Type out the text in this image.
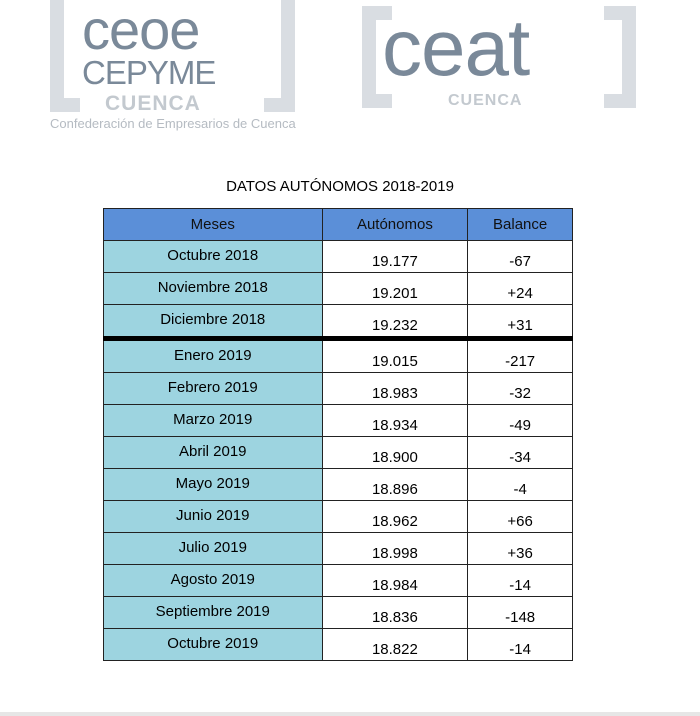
ceoe
CEPYME
CUENCA
Confederación de Empresarios de Cuenca
ceat
CUENCA
DATOS AUTÓNOMOS 2018-2019
Meses	Autónomos	Balance
Octubre 2018	19.177	-67
Noviembre 2018	19.201	+24
Diciembre 2018	19.232	+31
Enero 2019	19.015	-217
Febrero 2019	18.983	-32
Marzo 2019	18.934	-49
Abril 2019	18.900	-34
Mayo 2019	18.896	-4
Junio 2019	18.962	+66
Julio 2019	18.998	+36
Agosto 2019	18.984	-14
Septiembre 2019	18.836	-148
Octubre 2019	18.822	-14
